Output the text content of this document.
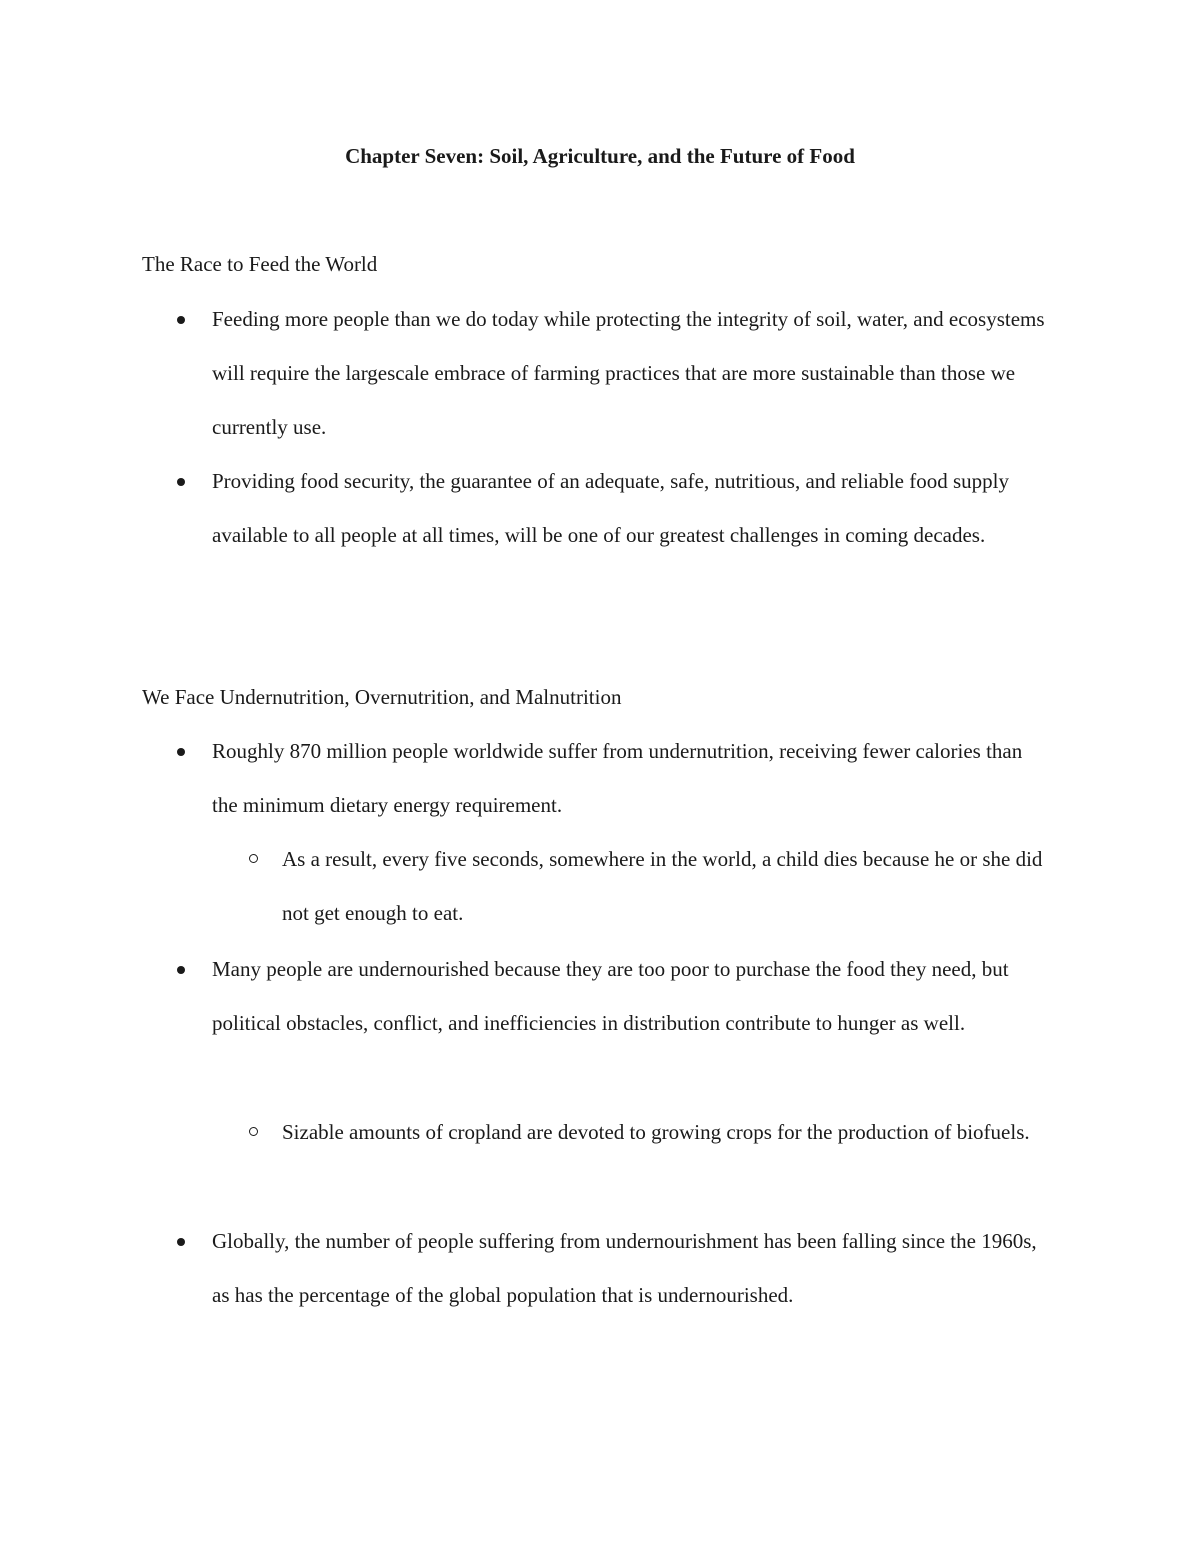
Chapter Seven: Soil, Agriculture, and the Future of Food
The Race to Feed the World
Feeding more people than we do today while protecting the integrity of soil, water, and ecosystems will require the largescale embrace of farming practices that are more sustainable than those we currently use.
Providing food security, the guarantee of an adequate, safe, nutritious, and reliable food supply available to all people at all times, will be one of our greatest challenges in coming decades.
We Face Undernutrition, Overnutrition, and Malnutrition
Roughly 870 million people worldwide suffer from undernutrition, receiving fewer calories than the minimum dietary energy requirement.
As a result, every five seconds, somewhere in the world, a child dies because he or she did not get enough to eat.
Many people are undernourished because they are too poor to purchase the food they need, but political obstacles, conflict, and inefficiencies in distribution contribute to hunger as well.
Sizable amounts of cropland are devoted to growing crops for the production of biofuels.
Globally, the number of people suffering from undernourishment has been falling since the 1960s, as has the percentage of the global population that is undernourished.
